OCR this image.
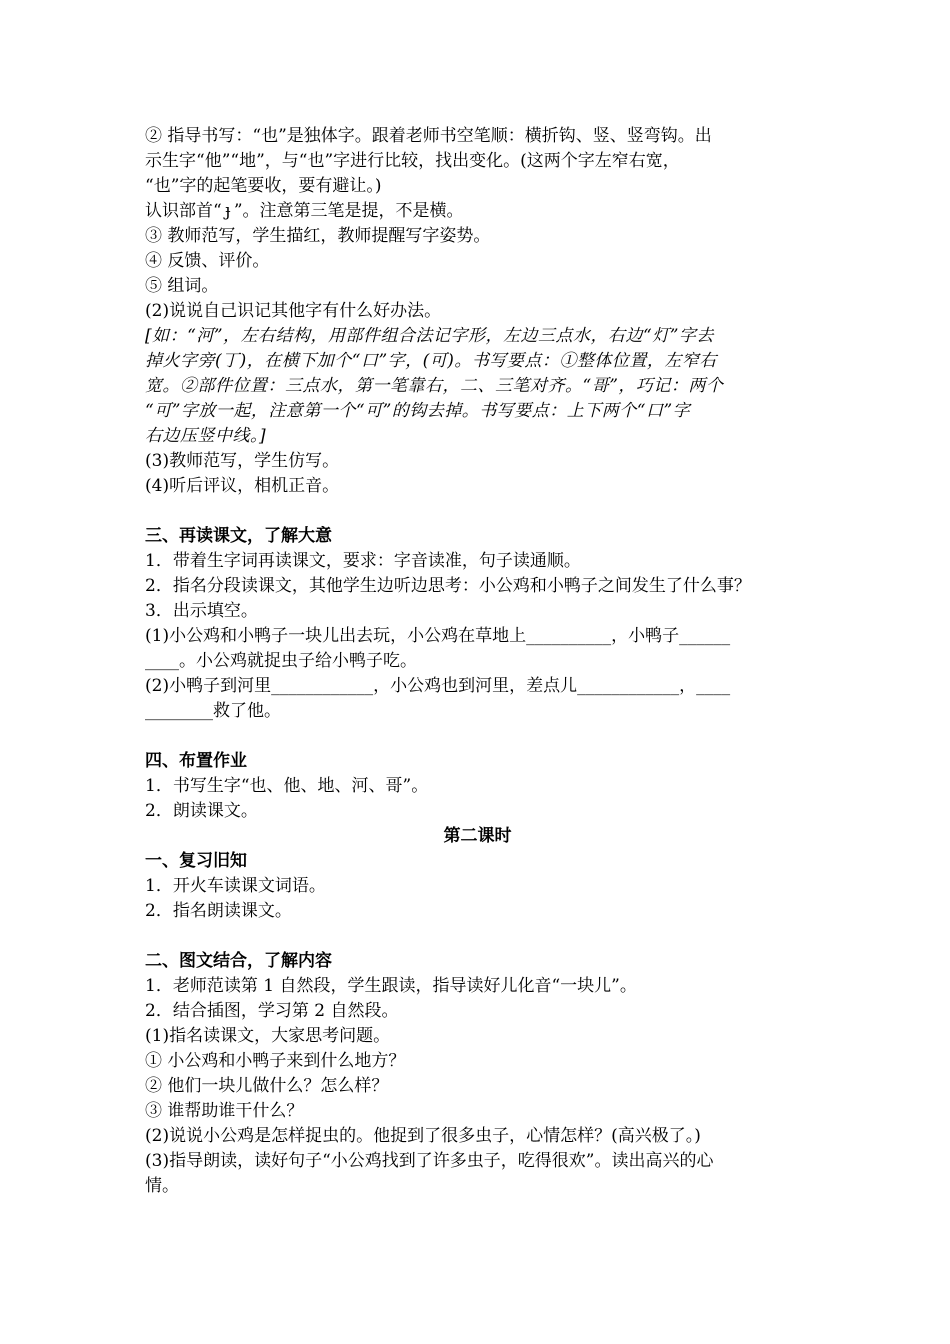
② 指导书写：“也”是独体字。跟着老师书空笔顺：横折钩、竖、竖弯钩。出

示生字“他”“地”，与“也”字进行比较，找出变化。(这两个字左窄右宽，

“也”字的起笔要收，要有避让。)

认识部首“ ɟ ”。注意第三笔是提，不是横。

③ 教师范写，学生描红，教师提醒写字姿势。

④ 反馈、评价。

⑤ 组词。

(2)说说自己识记其他字有什么好办法。

[如：“河”，左右结构，用部件组合法记字形，左边三点水，右边“灯”字去

掉火字旁(丁)，在横下加个“口”字，(可)。书写要点：①整体位置，左窄右

宽。②部件位置：三点水，第一笔靠右，二、三笔对齐。“哥”，巧记：两个

“可”字放一起，注意第一个“可”的钩去掉。书写要点：上下两个“口”字

右边压竖中线。]

(3)教师范写，学生仿写。

(4)听后评议，相机正音。

三、再读课文，了解大意

1．带着生字词再读课文，要求：字音读准，句子读通顺。

2．指名分段读课文，其他学生边听边思考：小公鸡和小鸭子之间发生了什么事？

3．出示填空。

(1)小公鸡和小鸭子一块儿出去玩，小公鸡在草地上__________，小鸭子______

____。小公鸡就捉虫子给小鸭子吃。

(2)小鸭子到河里____________，小公鸡也到河里，差点儿____________，____

________救了他。

四、布置作业

1．书写生字“也、他、地、河、哥”。

2．朗读课文。

第二课时

一、复习旧知

1．开火车读课文词语。

2．指名朗读课文。

二、图文结合，了解内容

1．老师范读第 1 自然段，学生跟读，指导读好儿化音“一块儿”。

2．结合插图，学习第 2 自然段。

(1)指名读课文，大家思考问题。

① 小公鸡和小鸭子来到什么地方？

② 他们一块儿做什么？怎么样？

③ 谁帮助谁干什么？

(2)说说小公鸡是怎样捉虫的。他捉到了很多虫子，心情怎样？(高兴极了。)

(3)指导朗读，读好句子“小公鸡找到了许多虫子，吃得很欢”。读出高兴的心

情。
